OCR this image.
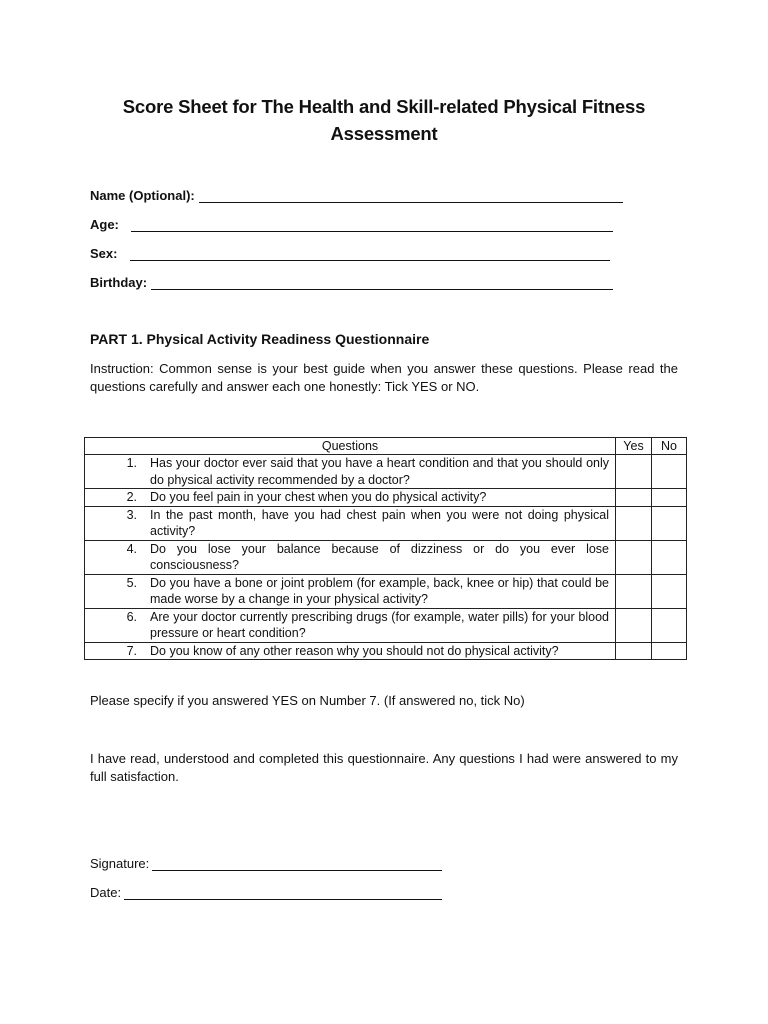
Score Sheet for The Health and Skill-related Physical Fitness Assessment
Name (Optional):
Age:
Sex:
Birthday:
PART 1. Physical Activity Readiness Questionnaire
Instruction: Common sense is your best guide when you answer these questions. Please read the questions carefully and answer each one honestly: Tick YES or NO.
Questions	Yes	No

1. Has your doctor ever said that you have a heart condition and that you should only do physical activity recommended by a doctor?		

2. Do you feel pain in your chest when you do physical activity?		

3. In the past month, have you had chest pain when you were not doing physical activity?		

4. Do you lose your balance because of dizziness or do you ever lose consciousness?		

5. Do you have a bone or joint problem (for example, back, knee or hip) that could be made worse by a change in your physical activity?		

6. Are your doctor currently prescribing drugs (for example, water pills) for your blood pressure or heart condition?		

7. Do you know of any other reason why you should not do physical activity?		

Please specify if you answered YES on Number 7. (If answered no, tick No)
I have read, understood and completed this questionnaire. Any questions I had were answered to my full satisfaction.
Signature:
Date:
